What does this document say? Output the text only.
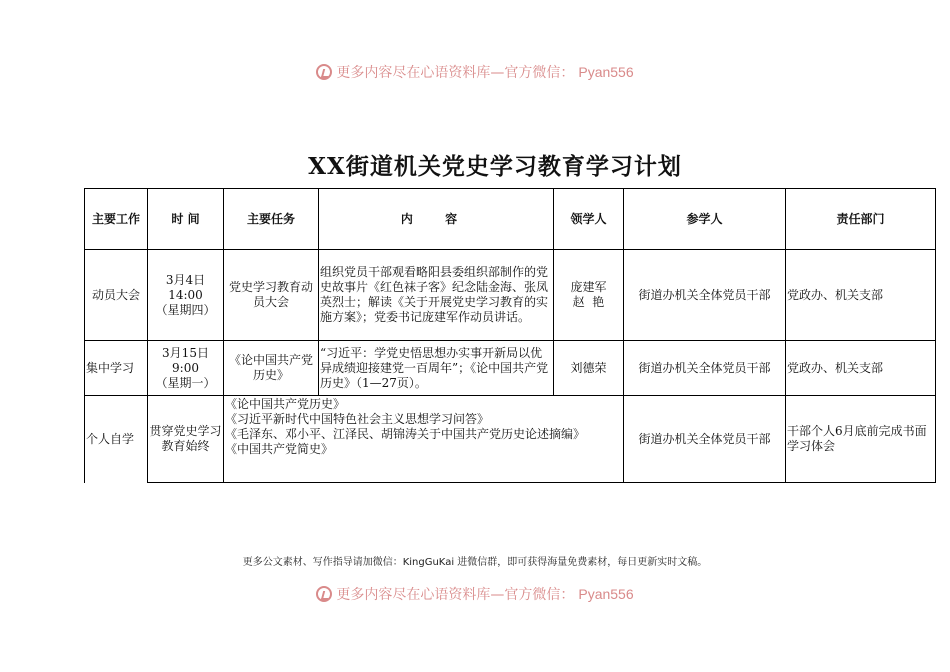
更多内容尽在心语资料库—官方微信： Pyan556
XX街道机关党史学习教育学习计划
主要工作	时 间	主要任务	内 容	领学人	参学人	责任部门
动员大会	3月4日
14:00
（星期四）	党史学习教育动员大会	组织党员干部观看略阳县委组织部制作的党史故事片《红色袜子客》纪念陆金海、张凤英烈士；解读《关于开展党史学习教育的实施方案》；党委书记庞建军作动员讲话。	庞建军
赵  艳	街道办机关全体党员干部	党政办、机关支部
集中学习	3月15日
9:00
（星期一）	《论中国共产党历史》	“习近平：学党史悟思想办实事开新局以优异成绩迎接建党一百周年”；《论中国共产党历史》（1—27页）。	刘德荣	街道办机关全体党员干部	党政办、机关支部
个人自学	贯穿党史学习教育始终	《论中国共产党历史》
《习近平新时代中国特色社会主义思想学习问答》
《毛泽东、邓小平、江泽民、胡锦涛关于中国共产党历史论述摘编》
《中国共产党简史》			街道办机关全体党员干部	干部个人6月底前完成书面学习体会
更多公文素材、写作指导请加微信：KingGuKai 进微信群，即可获得海量免费素材，每日更新实时文稿。
更多内容尽在心语资料库—官方微信： Pyan556
